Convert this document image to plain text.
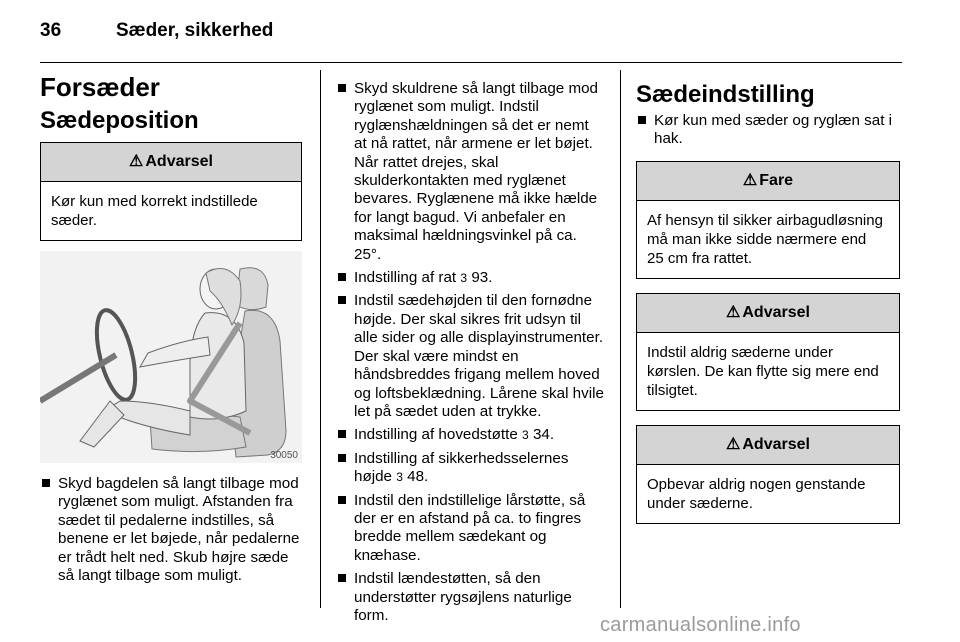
36	Sæder, sikkerhed
Forsæder
Sædeposition
⚠ Advarsel
Kør kun med korrekt indstillede sæder.
30050
Skyd bagdelen så langt tilbage mod ryglænet som muligt. Afstanden fra sædet til pedalerne indstilles, så benene er let bøjede, når pedalerne er trådt helt ned. Skub højre sæde så langt tilbage som muligt.
Skyd skuldrene så langt tilbage mod ryglænet som muligt. Indstil ryglænshældningen så det er nemt at nå rattet, når armene er let bøjet. Når rattet drejes, skal skulderkontakten med ryglænet bevares. Ryglænene må ikke hælde for langt bagud. Vi anbefaler en maksimal hældningsvinkel på ca. 25°.
Indstilling af rat 3 93.
Indstil sædehøjden til den fornødne højde. Der skal sikres frit udsyn til alle sider og alle displayinstrumenter. Der skal være mindst en håndsbreddes frigang mellem hoved og loftsbeklædning. Lårene skal hvile let på sædet uden at trykke.
Indstilling af hovedstøtte 3 34.
Indstilling af sikkerhedsselernes højde 3 48.
Indstil den indstillelige lårstøtte, så der er en afstand på ca. to fingres bredde mellem sædekant og knæhase.
Indstil lændestøtten, så den understøtter rygsøjlens naturlige form.
Sædeindstilling
Kør kun med sæder og ryglæn sat i hak.
⚠ Fare
Af hensyn til sikker airbagudløsning må man ikke sidde nærmere end 25 cm fra rattet.
⚠ Advarsel
Indstil aldrig sæderne under kørslen. De kan flytte sig mere end tilsigtet.
⚠ Advarsel
Opbevar aldrig nogen genstande under sæderne.
carmanualsonline.info
